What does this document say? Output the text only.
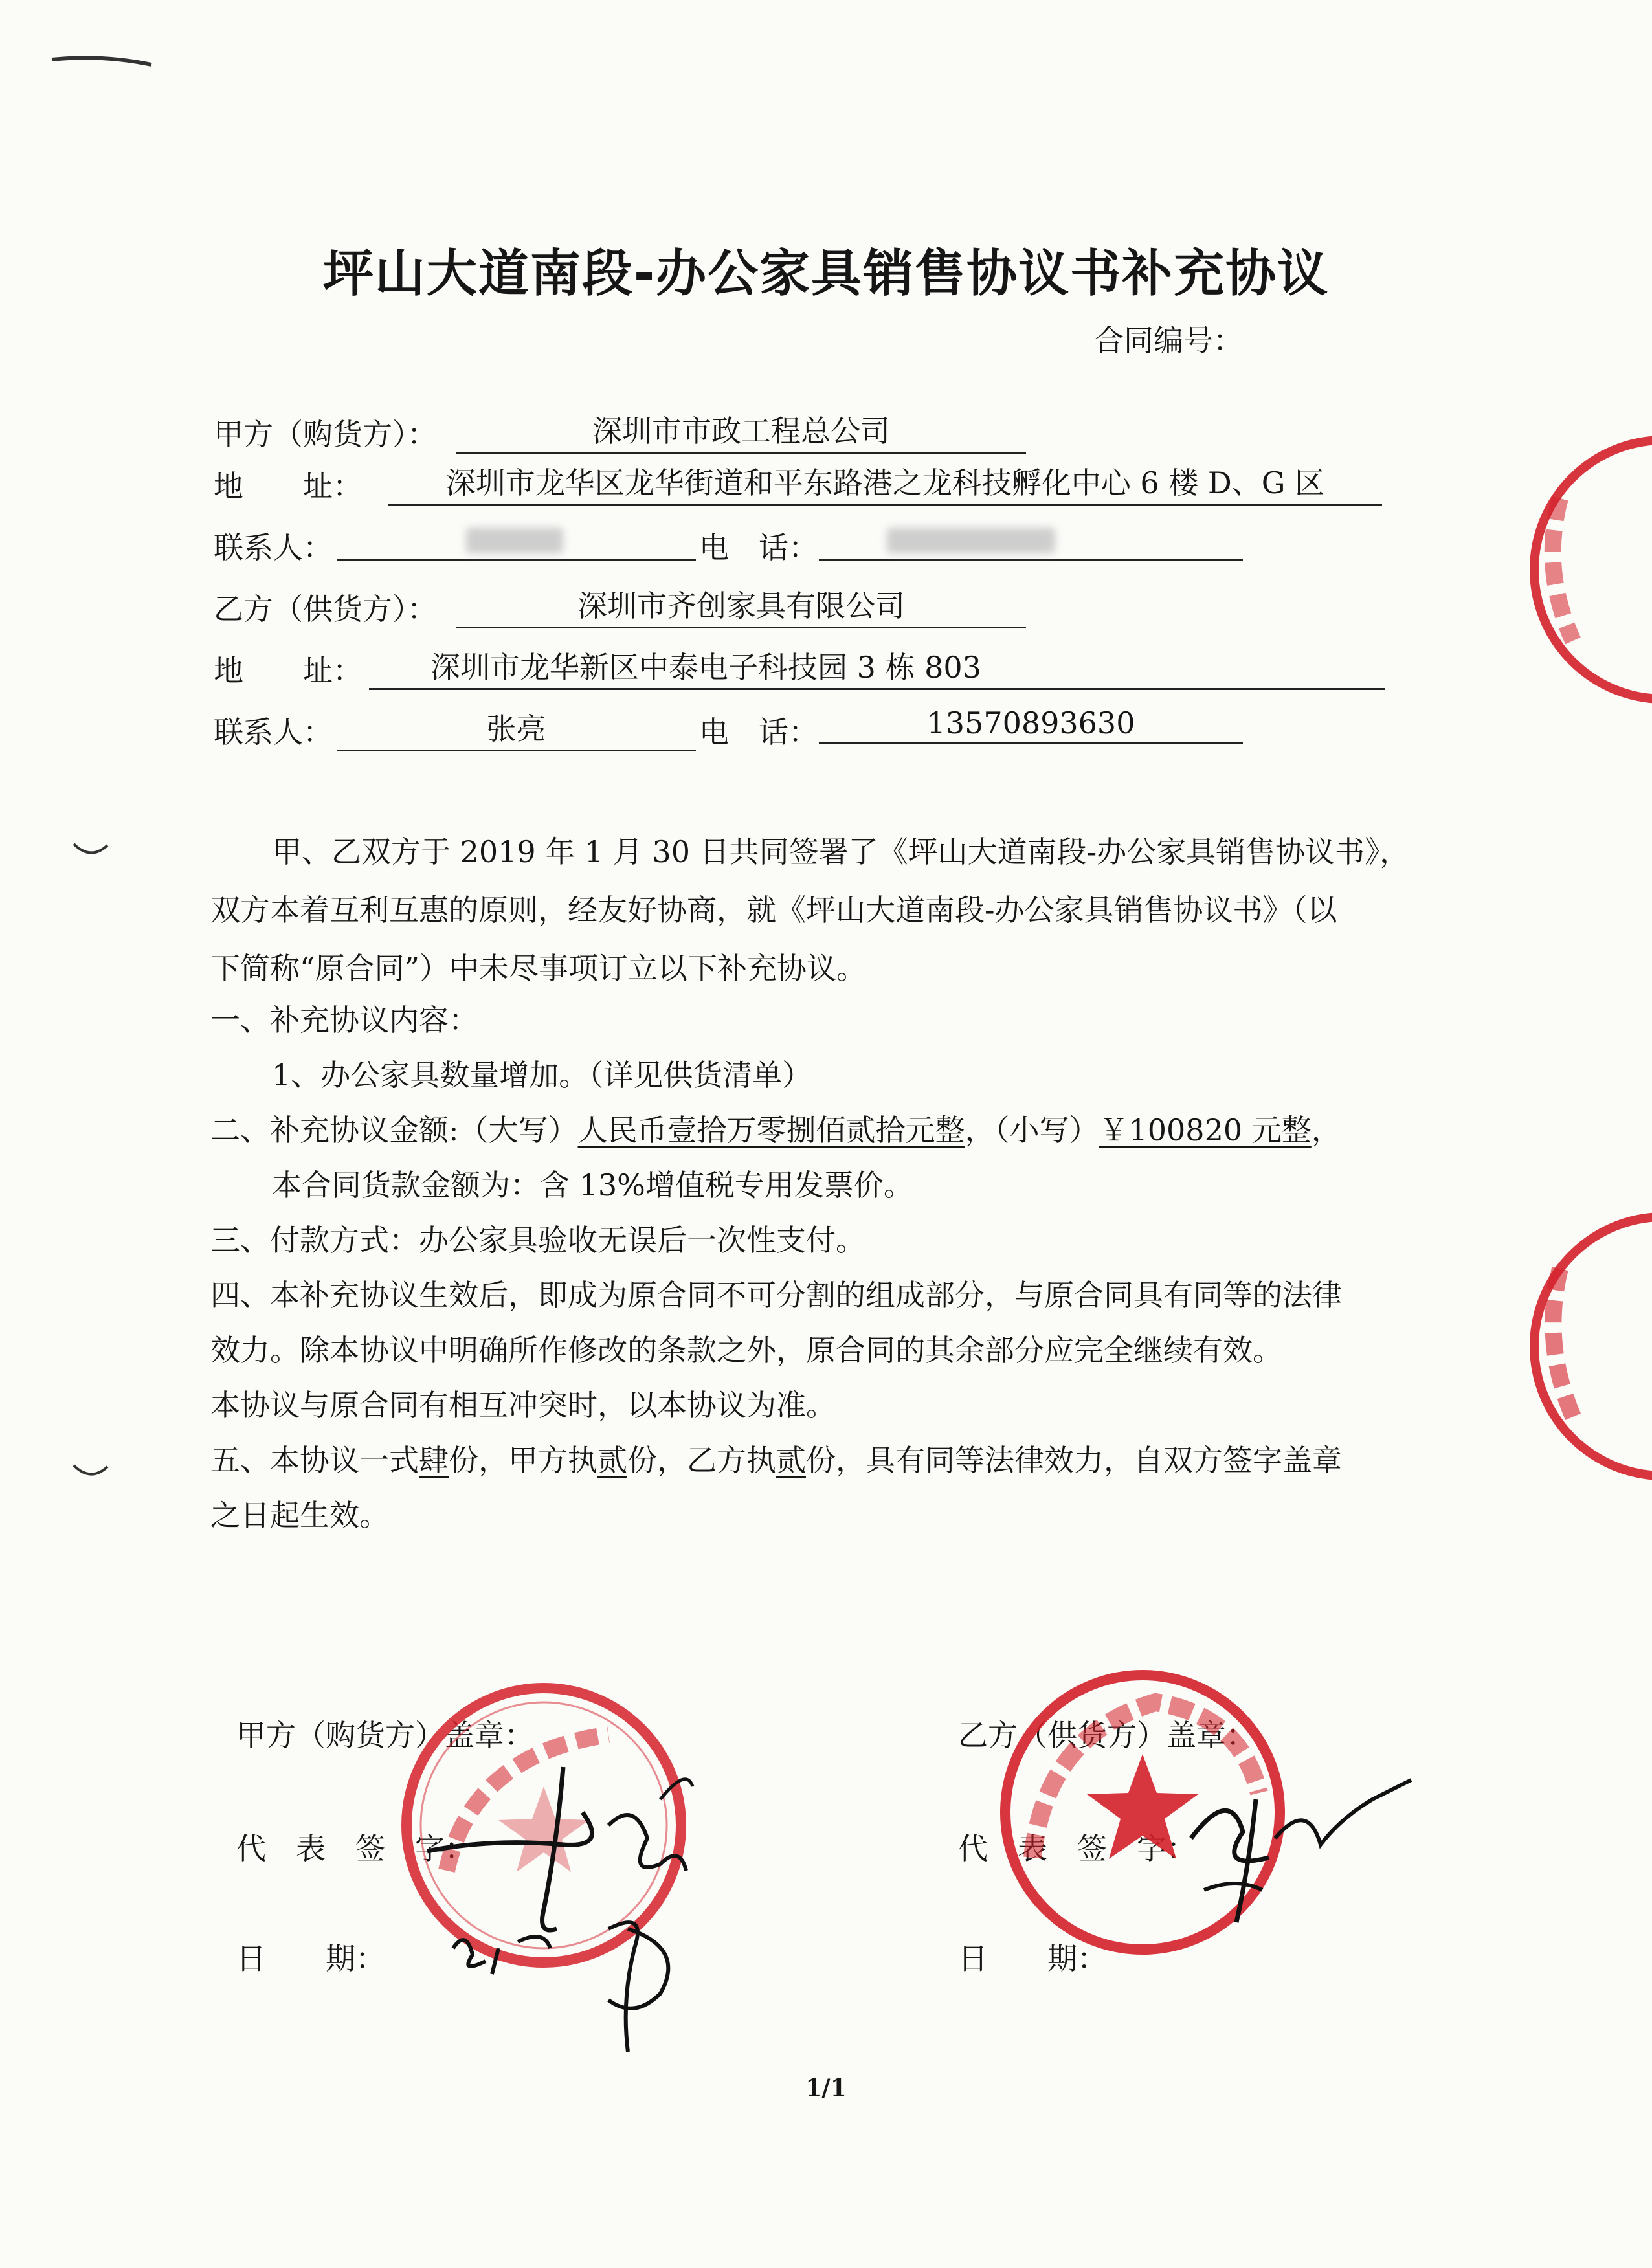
坪山大道南段-办公家具销售协议书补充协议
合同编号：
甲方（购货方）：	深圳市市政工程总公司
地　　址：	深圳市龙华区龙华街道和平东路港之龙科技孵化中心 6 楼 D、G 区
联系人：	电　话：
乙方（供货方）：	深圳市齐创家具有限公司
地　　址：	深圳市龙华新区中泰电子科技园 3 栋 803
联系人：	张亮	电　话：	13570893630
甲、乙双方于 2019 年 1 月 30 日共同签署了《坪山大道南段-办公家具销售协议书》，
双方本着互利互惠的原则，经友好协商，就《坪山大道南段-办公家具销售协议书》（以
下简称“原合同”）中未尽事项订立以下补充协议。
一、补充协议内容：
1、办公家具数量增加。（详见供货清单）
二、补充协议金额:（大写）人民币壹拾万零捌佰贰拾元整，（小写）￥100820 元整，
本合同货款金额为：含 13%增值税专用发票价。
三、付款方式：办公家具验收无误后一次性支付。
四、本补充协议生效后，即成为原合同不可分割的组成部分，与原合同具有同等的法律
效力。除本协议中明确所作修改的条款之外，原合同的其余部分应完全继续有效。
本协议与原合同有相互冲突时，以本协议为准。
五、本协议一式肆份，甲方执贰份，乙方执贰份，具有同等法律效力，自双方签字盖章
之日起生效。
甲方（购货方）盖章：
代　表　签　字：
日　　期：
乙方（供货方）盖章：
代　表　签　字：
日　　期：
1/1
